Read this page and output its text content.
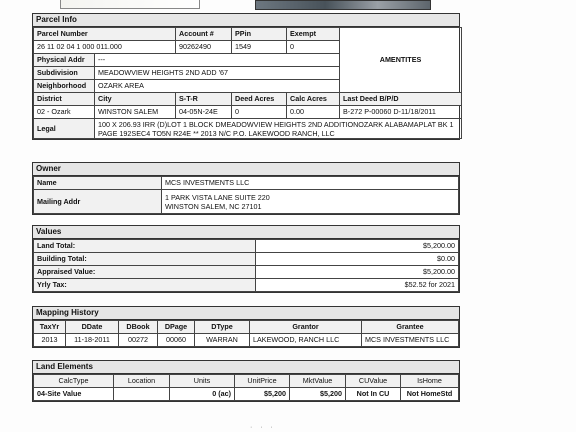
Parcel Info
Parcel Number		Account #	PPin	Exempt	AMENTITES
26 11 02 04 1 000 011.000		90262490	1549	0	
Physical Addr	---				
Subdivision	MEADOWVIEW HEIGHTS 2ND ADD '67				
Neighborhood	OZARK AREA				
District	City	S-T-R	Deed Acres	Calc Acres	Last Deed B/P/D
02 - Ozark	WINSTON SALEM	04-05N-24E	0	0.00	B-272 P-00060 D-11/18/2011
Legal	100 X 206.93 IRR (D)LOT 1 BLOCK DMEADOWVIEW HEIGHTS 2ND ADDITIONOZARK ALABAMAPLAT BK 1 PAGE 192SEC4 TO5N R24E ** 2013 N/C P.O. LAKEWOOD RANCH, LLC				
Owner
Name	MCS INVESTMENTS LLC
Mailing Addr	1 PARK VISTA LANE SUITE 220
WINSTON SALEM, NC 27101
Values
Land Total:	$5,200.00
Building Total:	$0.00
Appraised Value:	$5,200.00
Yrly Tax:	$52.52 for 2021
Mapping History
TaxYr	DDate	DBook	DPage	DType	Grantor	Grantee
2013	11-18-2011	00272	00060	WARRAN	LAKEWOOD, RANCH LLC	MCS INVESTMENTS LLC
Land Elements
CalcType	Location	Units	UnitPrice	MktValue	CUValue	IsHome
04-Site Value		0 (ac)	$5,200	$5,200	Not In CU	Not HomeStd
· · ·
